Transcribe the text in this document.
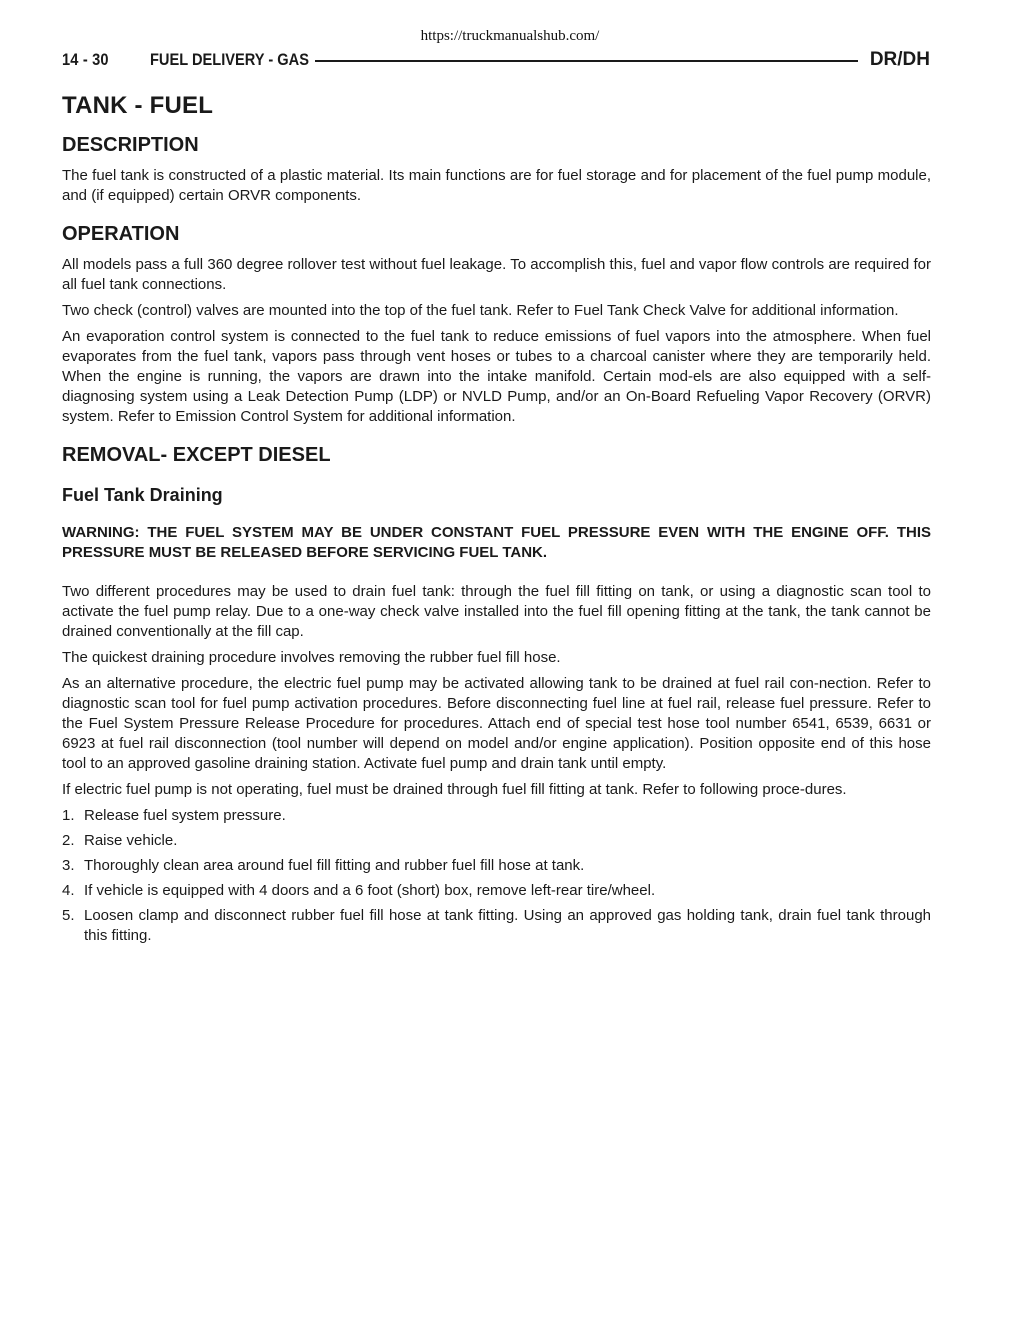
https://truckmanualshub.com/
14 - 30	FUEL DELIVERY - GAS	DR/DH
TANK - FUEL
DESCRIPTION

The fuel tank is constructed of a plastic material. Its main functions are for fuel storage and for placement of the fuel pump module, and (if equipped) certain ORVR components.

OPERATION

All models pass a full 360 degree rollover test without fuel leakage. To accomplish this, fuel and vapor flow controls are required for all fuel tank connections.

Two check (control) valves are mounted into the top of the fuel tank. Refer to Fuel Tank Check Valve for additional information.

An evaporation control system is connected to the fuel tank to reduce emissions of fuel vapors into the atmosphere. When fuel evaporates from the fuel tank, vapors pass through vent hoses or tubes to a charcoal canister where they are temporarily held. When the engine is running, the vapors are drawn into the intake manifold. Certain mod-els are also equipped with a self-diagnosing system using a Leak Detection Pump (LDP) or NVLD Pump, and/or an On-Board Refueling Vapor Recovery (ORVR) system. Refer to Emission Control System for additional information.

REMOVAL- EXCEPT DIESEL
Fuel Tank Draining
WARNING: THE FUEL SYSTEM MAY BE UNDER CONSTANT FUEL PRESSURE EVEN WITH THE ENGINE OFF. THIS PRESSURE MUST BE RELEASED BEFORE SERVICING FUEL TANK.

Two different procedures may be used to drain fuel tank: through the fuel fill fitting on tank, or using a diagnostic scan tool to activate the fuel pump relay. Due to a one-way check valve installed into the fuel fill opening fitting at the tank, the tank cannot be drained conventionally at the fill cap.

The quickest draining procedure involves removing the rubber fuel fill hose.

As an alternative procedure, the electric fuel pump may be activated allowing tank to be drained at fuel rail con-nection. Refer to diagnostic scan tool for fuel pump activation procedures. Before disconnecting fuel line at fuel rail, release fuel pressure. Refer to the Fuel System Pressure Release Procedure for procedures. Attach end of special test hose tool number 6541, 6539, 6631 or 6923 at fuel rail disconnection (tool number will depend on model and/or engine application). Position opposite end of this hose tool to an approved gasoline draining station. Activate fuel pump and drain tank until empty.

If electric fuel pump is not operating, fuel must be drained through fuel fill fitting at tank. Refer to following proce-dures.

1. Release fuel system pressure.
2. Raise vehicle.
3. Thoroughly clean area around fuel fill fitting and rubber fuel fill hose at tank.
4. If vehicle is equipped with 4 doors and a 6 foot (short) box, remove left-rear tire/wheel.
5. Loosen clamp and disconnect rubber fuel fill hose at tank fitting. Using an approved gas holding tank, drain fuel tank through this fitting.
